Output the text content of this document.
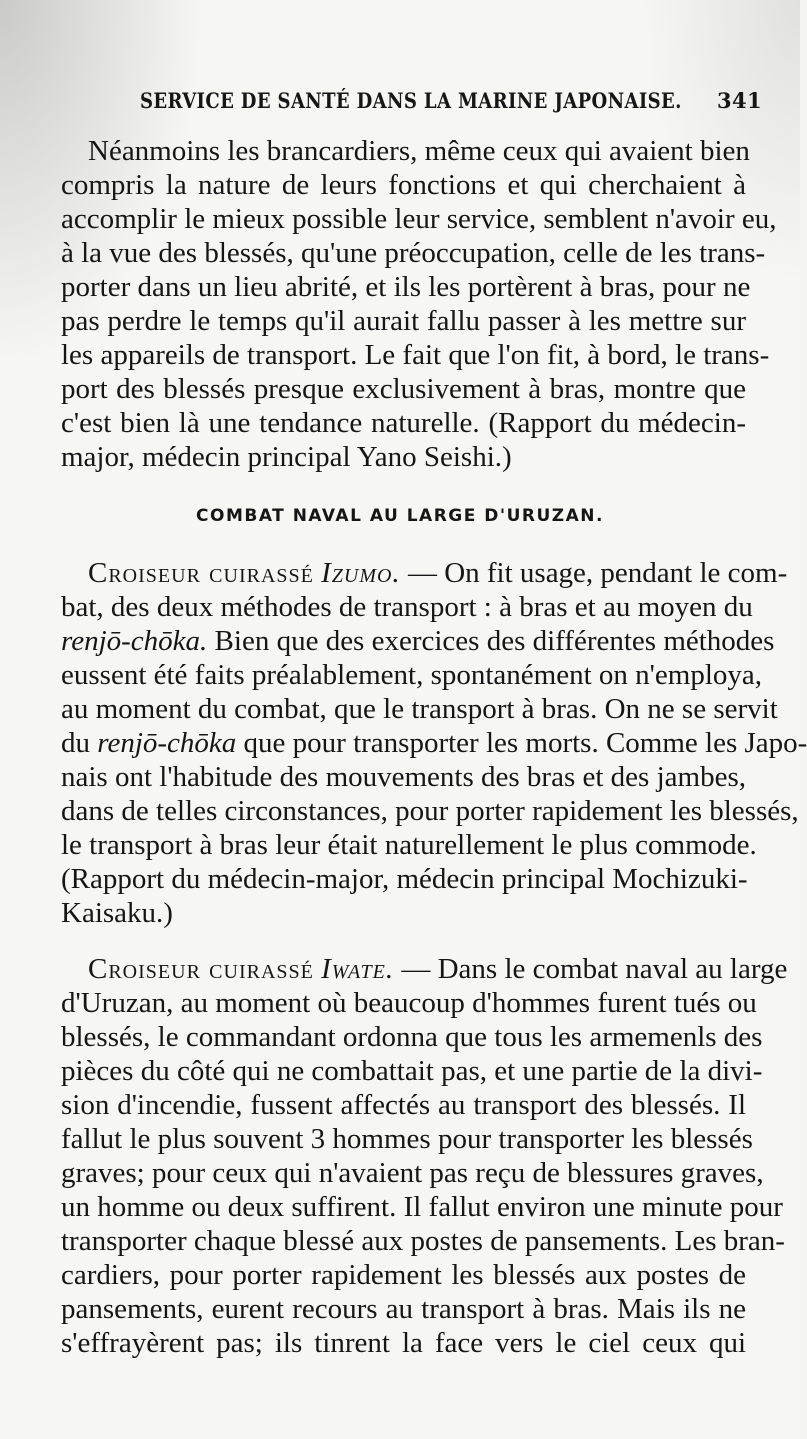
SERVICE DE SANTÉ DANS LA MARINE JAPONAISE. 341
Néanmoins les brancardiers, même ceux qui avaient bien
compris la nature de leurs fonctions et qui cherchaient à
accomplir le mieux possible leur service, semblent n'avoir eu,
à la vue des blessés, qu'une préoccupation, celle de les trans-
porter dans un lieu abrité, et ils les portèrent à bras, pour ne
pas perdre le temps qu'il aurait fallu passer à les mettre sur
les appareils de transport. Le fait que l'on fit, à bord, le trans-
port des blessés presque exclusivement à bras, montre que
c'est bien là une tendance naturelle. (Rapport du médecin-
major, médecin principal Yano Seishi.)
COMBAT NAVAL AU LARGE D'URUZAN.
Croiseur cuirassé Izumo. — On fit usage, pendant le com-
bat, des deux méthodes de transport : à bras et au moyen du
renjō-chōka. Bien que des exercices des différentes méthodes
eussent été faits préalablement, spontanément on n'employa,
au moment du combat, que le transport à bras. On ne se servit
du renjō-chōka que pour transporter les morts. Comme les Japo-
nais ont l'habitude des mouvements des bras et des jambes,
dans de telles circonstances, pour porter rapidement les blessés,
le transport à bras leur était naturellement le plus commode.
(Rapport du médecin-major, médecin principal Mochizuki-
Kaisaku.)
Croiseur cuirassé Iwate. — Dans le combat naval au large
d'Uruzan, au moment où beaucoup d'hommes furent tués ou
blessés, le commandant ordonna que tous les armemenls des
pièces du côté qui ne combattait pas, et une partie de la divi-
sion d'incendie, fussent affectés au transport des blessés. Il
fallut le plus souvent 3 hommes pour transporter les blessés
graves; pour ceux qui n'avaient pas reçu de blessures graves,
un homme ou deux suffirent. Il fallut environ une minute pour
transporter chaque blessé aux postes de pansements. Les bran-
cardiers, pour porter rapidement les blessés aux postes de
pansements, eurent recours au transport à bras. Mais ils ne
s'effrayèrent pas; ils tinrent la face vers le ciel ceux qui
